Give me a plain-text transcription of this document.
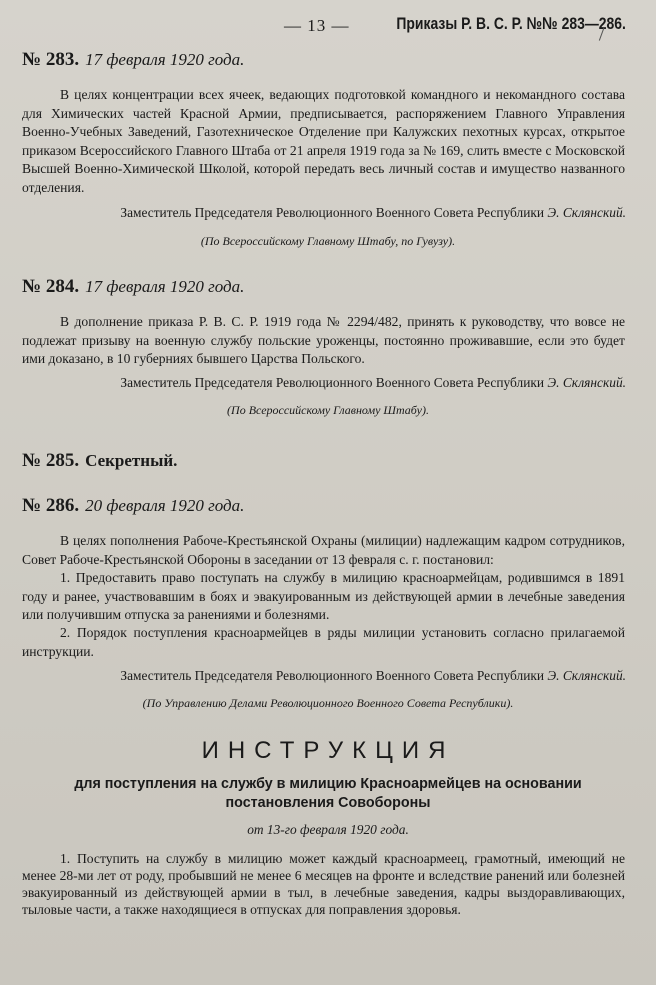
— 13 —	Приказы Р. В. С. Р. №№ 283—286.
№ 283. 17 февраля 1920 года.

В целях концентрации всех ячеек, ведающих подготовкой командного и некомандного состава для Химических частей Красной Армии, предписывается, распоряжением Главного Управления Военно-Учебных Заведений, Газотехническое Отделение при Калужских пехотных курсах, открытое приказом Всероссийского Главного Штаба от 21 апреля 1919 года за № 169, слить вместе с Московской Высшей Военно-Химической Школой, которой передать весь личный состав и имущество названного отделения.

Заместитель Председателя Революционного Военного Совета Республики Э. Склянский.
(По Всероссийскому Главному Штабу, по Гувузу).
№ 284. 17 февраля 1920 года.

В дополнение приказа Р. В. С. Р. 1919 года № 2294/482, принять к руководству, что вовсе не подлежат призыву на военную службу польские уроженцы, постоянно проживавшие, если это будет ими доказано, в 10 губерниях бывшего Царства Польского.

Заместитель Председателя Революционного Военного Совета Республики Э. Склянский.
(По Всероссийскому Главному Штабу).
№ 285. Секретный.
№ 286. 20 февраля 1920 года.

В целях пополнения Рабоче-Крестьянской Охраны (милиции) надлежащим кадром сотрудников, Совет Рабоче-Крестьянской Обороны в заседании от 13 февраля с. г. постановил:

1. Предоставить право поступать на службу в милицию красноармейцам, родившимся в 1891 году и ранее, участвовавшим в боях и эвакуированным из действующей армии в лечебные заведения или получившим отпуска за ранениями и болезнями.

2. Порядок поступления красноармейцев в ряды милиции установить согласно прилагаемой инструкции.

Заместитель Председателя Революционного Военного Совета Республики Э. Склянский.
(По Управлению Делами Революционного Военного Совета Республики).
ИНСТРУКЦИЯ
для поступления на службу в милицию Красноармейцев на основании постановления Совобороны
от 13-го февраля 1920 года.

1. Поступить на службу в милицию может каждый красноармеец, грамотный, имеющий не менее 28-ми лет от роду, пробывший не менее 6 месяцев на фронте и вследствие ранений или болезней эвакуированный из действующей армии в тыл, в лечебные заведения, кадры выздоравливающих, тыловые части, а также находящиеся в отпусках для поправления здоровья.
